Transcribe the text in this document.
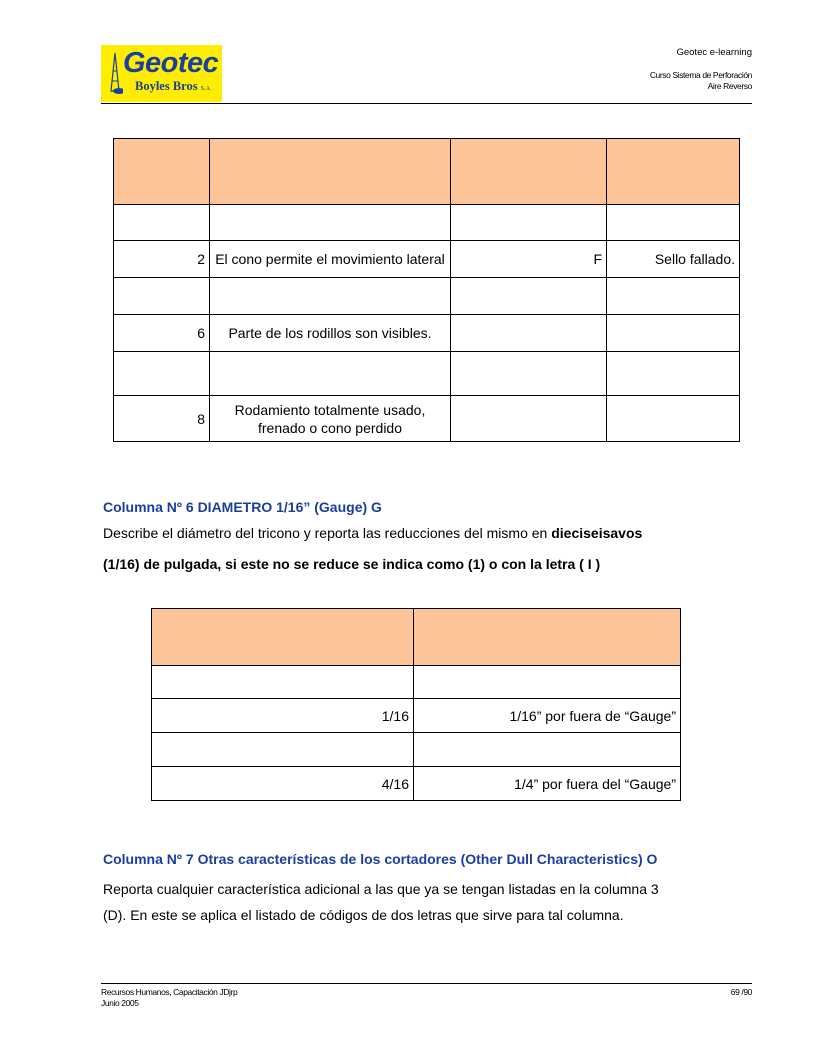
Geotec
Boyles Bros S.A.
Geotec e-learning
Curso Sistema de Perforación
Aire Reverso

2	El cono permite el movimiento lateral	F	Sello fallado.

6	Parte de los rodillos son visibles.		

8	Rodamiento totalmente usado, frenado o cono perdido		
Columna Nº 6 DIAMETRO 1/16” (Gauge) G
Describe el diámetro del tricono y reporta las reducciones del mismo en dieciseisavos
(1/16) de pulgada, si este no se reduce se indica como (1) o con la letra ( I )

1/16	1/16” por fuera de “Gauge”

4/16	1/4” por fuera del “Gauge”
Columna Nº 7 Otras características de los cortadores (Other Dull Characteristics) O
Reporta cualquier característica adicional a las que ya se tengan listadas en la columna 3
(D). En este se aplica el listado de códigos de dos letras que sirve para tal columna.
Recursos Humanos, Capacitación JDjrp
Junio 2005
69 /90
